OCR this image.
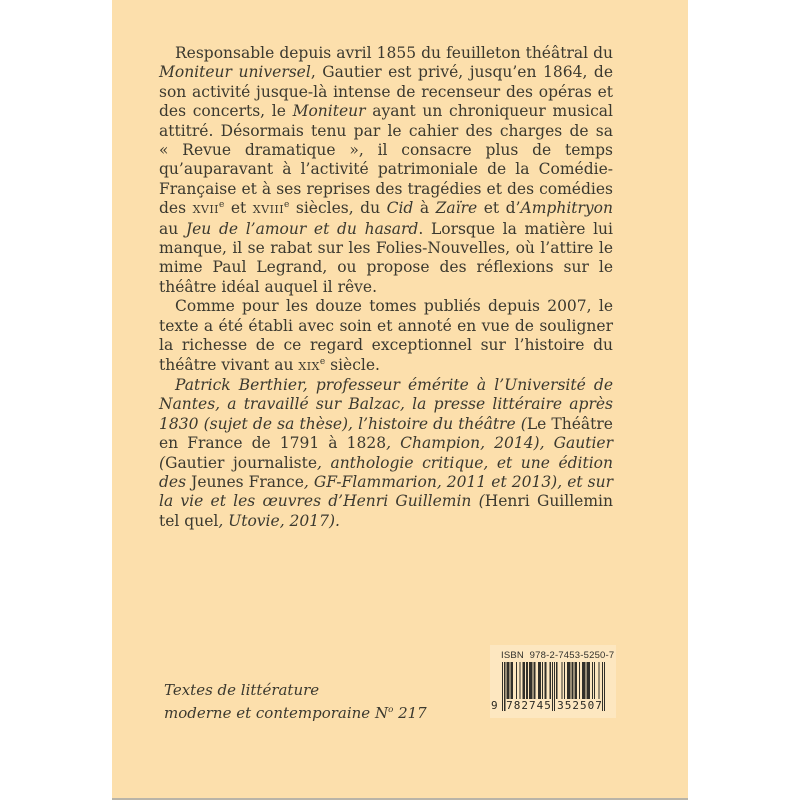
Responsable depuis avril 1855 du feuilleton théâtral du Moniteur universel, Gautier est privé, jusqu’en 1864, de son activité jusque-là intense de recenseur des opéras et des concerts, le Moniteur ayant un chroniqueur musical attitré. Désormais tenu par le cahier des charges de sa « Revue dramatique », il consacre plus de temps qu’auparavant à l’activité patrimoniale de la Comédie-Française et à ses reprises des tragédies et des comédies des XVIIe et XVIIIe siècles, du Cid à Zaïre et d’Amphitryon au Jeu de l’amour et du hasard. Lorsque la matière lui manque, il se rabat sur les Folies-Nouvelles, où l’attire le mime Paul Legrand, ou propose des réflexions sur le théâtre idéal auquel il rêve.

Comme pour les douze tomes publiés depuis 2007, le texte a été établi avec soin et annoté en vue de souligner la richesse de ce regard exceptionnel sur l’histoire du théâtre vivant au XIXe siècle.

Patrick Berthier, professeur émérite à l’Université de Nantes, a travaillé sur Balzac, la presse littéraire après 1830 (sujet de sa thèse), l’histoire du théâtre (Le Théâtre en France de 1791 à 1828, Champion, 2014), Gautier (Gautier journaliste, anthologie critique, et une édition des Jeunes France, GF-Flammarion, 2011 et 2013), et sur la vie et les œuvres d’Henri Guillemin (Henri Guillemin tel quel, Utovie, 2017).

Textes de littérature
moderne et contemporaine $N^o$ 217
ISBN  978-2-7453-5250-7
9 782745 352507
